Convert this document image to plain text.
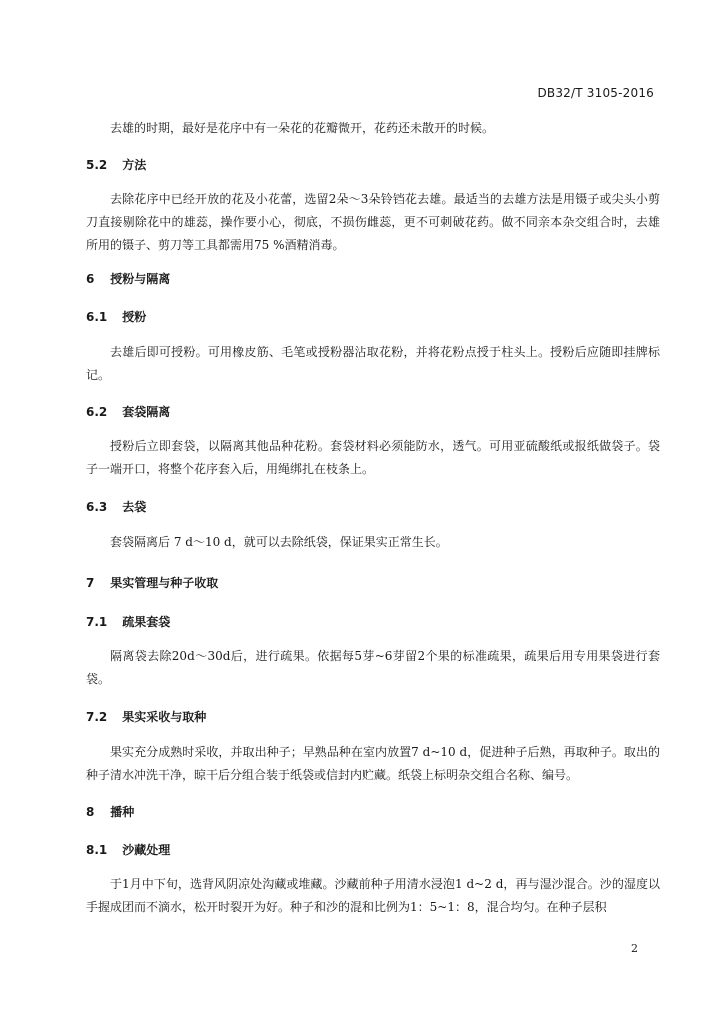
DB32/T 3105-2016
去雄的时期，最好是花序中有一朵花的花瓣微开，花药还未散开的时候。
5.2 方法
去除花序中已经开放的花及小花蕾，选留2朵～3朵铃铛花去雄。最适当的去雄方法是用镊子或尖头小剪刀直接剔除花中的雄蕊，操作要小心，彻底，不损伤雌蕊，更不可刺破花药。做不同亲本杂交组合时，去雄所用的镊子、剪刀等工具都需用75 %酒精消毒。
6 授粉与隔离
6.1 授粉
去雄后即可授粉。可用橡皮筋、毛笔或授粉器沾取花粉，并将花粉点授于柱头上。授粉后应随即挂牌标记。
6.2 套袋隔离
授粉后立即套袋，以隔离其他品种花粉。套袋材料必须能防水，透气。可用亚硫酸纸或报纸做袋子。袋子一端开口，将整个花序套入后，用绳绑扎在枝条上。
6.3 去袋
套袋隔离后 7 d～10 d，就可以去除纸袋，保证果实正常生长。
7 果实管理与种子收取
7.1 疏果套袋
隔离袋去除20d～30d后，进行疏果。依据每5芽~6芽留2个果的标准疏果，疏果后用专用果袋进行套袋。
7.2 果实采收与取种
果实充分成熟时采收，并取出种子；早熟品种在室内放置7 d~10 d，促进种子后熟，再取种子。取出的种子清水冲洗干净，晾干后分组合装于纸袋或信封内贮藏。纸袋上标明杂交组合名称、编号。
8 播种
8.1 沙藏处理
于1月中下旬，选背风阴凉处沟藏或堆藏。沙藏前种子用清水浸泡1 d~2 d，再与湿沙混合。沙的湿度以手握成团而不滴水，松开时裂开为好。种子和沙的混和比例为1：5~1：8，混合均匀。在种子层积
2
